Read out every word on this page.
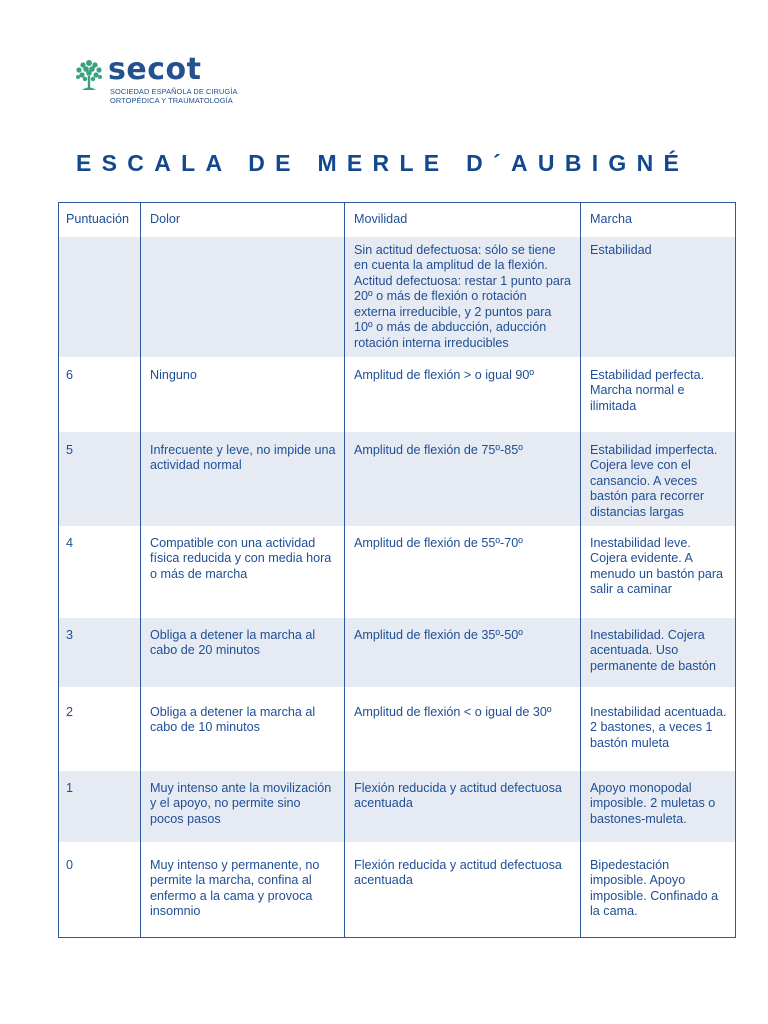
secot
SOCIEDAD ESPAÑOLA DE CIRUGÍA
ORTOPÉDICA Y TRAUMATOLOGÍA
ESCALA DE MERLE D´AUBIGNÉ
Puntuación	Dolor	Movilidad	Marcha
		Sin actitud defectuosa: sólo se tiene en cuenta la amplitud de la flexión. Actitud defectuosa: restar 1 punto para 20º o más de flexión o rotación externa irreducible, y 2 puntos para 10º o más de abducción, aducción rotación interna irreducibles	Estabilidad
6	Ninguno	Amplitud de flexión > o igual 90º	Estabilidad perfecta. Marcha normal e ilimitada
5	Infrecuente y leve, no impide una actividad normal	Amplitud de flexión de 75º-85º	Estabilidad imperfecta. Cojera leve con el cansancio. A veces bastón para recorrer distancias largas
4	Compatible con una actividad física reducida y con media hora o más de marcha	Amplitud de flexión de 55º-70º	Inestabilidad leve. Cojera evidente. A menudo un bastón para salir a caminar
3	Obliga a detener la marcha al cabo de 20 minutos	Amplitud de flexión de 35º-50º	Inestabilidad. Cojera acentuada. Uso permanente de bastón
2	Obliga a detener la marcha al cabo de 10 minutos	Amplitud de flexión < o igual de 30º	Inestabilidad acentuada. 2 bastones, a veces 1 bastón muleta
1	Muy intenso ante la movilización y el apoyo, no permite sino pocos pasos	Flexión reducida y actitud defectuosa acentuada	Apoyo monopodal imposible. 2 muletas o bastones-muleta.
0	Muy intenso y permanente, no permite la marcha, confina al enfermo a la cama y provoca insomnio	Flexión reducida y actitud defectuosa acentuada	Bipedestación imposible. Apoyo imposible. Confinado a la cama.
